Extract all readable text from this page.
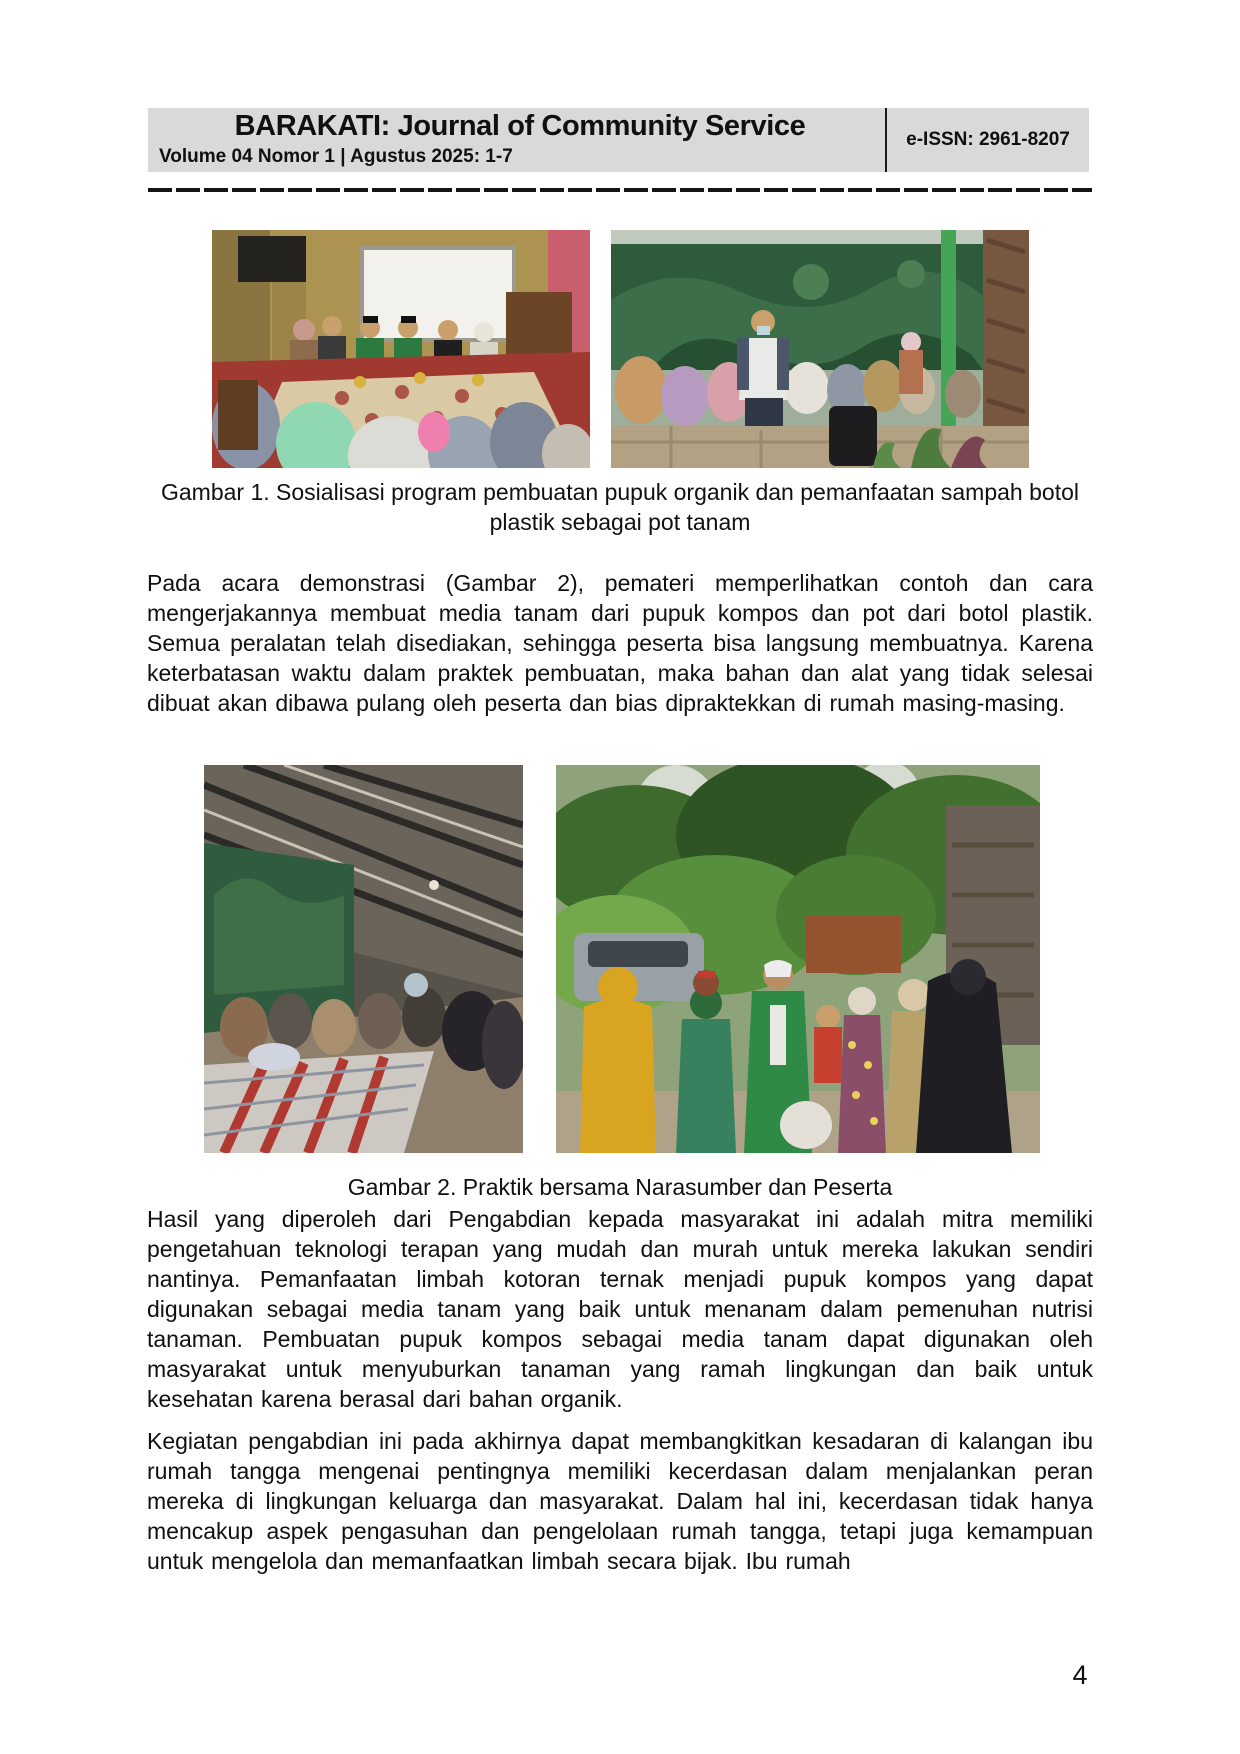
BARAKATI: Journal of Community Service
Volume 04 Nomor 1 | Agustus 2025: 1-7
e-ISSN: 2961-8207
Gambar 1. Sosialisasi program pembuatan pupuk organik dan pemanfaatan sampah botol plastik sebagai pot tanam
Pada acara demonstrasi (Gambar 2), pemateri memperlihatkan contoh dan cara mengerjakannya membuat media tanam dari pupuk kompos dan pot dari botol plastik. Semua peralatan telah disediakan, sehingga peserta bisa langsung membuatnya. Karena keterbatasan waktu dalam praktek pembuatan, maka bahan dan alat yang tidak selesai dibuat akan dibawa pulang oleh peserta dan bias dipraktekkan di rumah masing-masing.
Gambar 2. Praktik bersama Narasumber dan Peserta
Hasil yang diperoleh dari Pengabdian kepada masyarakat ini adalah mitra memiliki pengetahuan teknologi terapan yang mudah dan murah untuk mereka lakukan sendiri nantinya. Pemanfaatan limbah kotoran ternak menjadi pupuk kompos yang dapat digunakan sebagai media tanam yang baik untuk menanam dalam pemenuhan nutrisi tanaman. Pembuatan pupuk kompos sebagai media tanam dapat digunakan oleh masyarakat untuk menyuburkan tanaman yang ramah lingkungan dan baik untuk kesehatan karena berasal dari bahan organik.
Kegiatan pengabdian ini pada akhirnya dapat membangkitkan kesadaran di kalangan ibu rumah tangga mengenai pentingnya memiliki kecerdasan dalam menjalankan peran mereka di lingkungan keluarga dan masyarakat. Dalam hal ini, kecerdasan tidak hanya mencakup aspek pengasuhan dan pengelolaan rumah tangga, tetapi juga kemampuan untuk mengelola dan memanfaatkan limbah secara bijak. Ibu rumah
4
